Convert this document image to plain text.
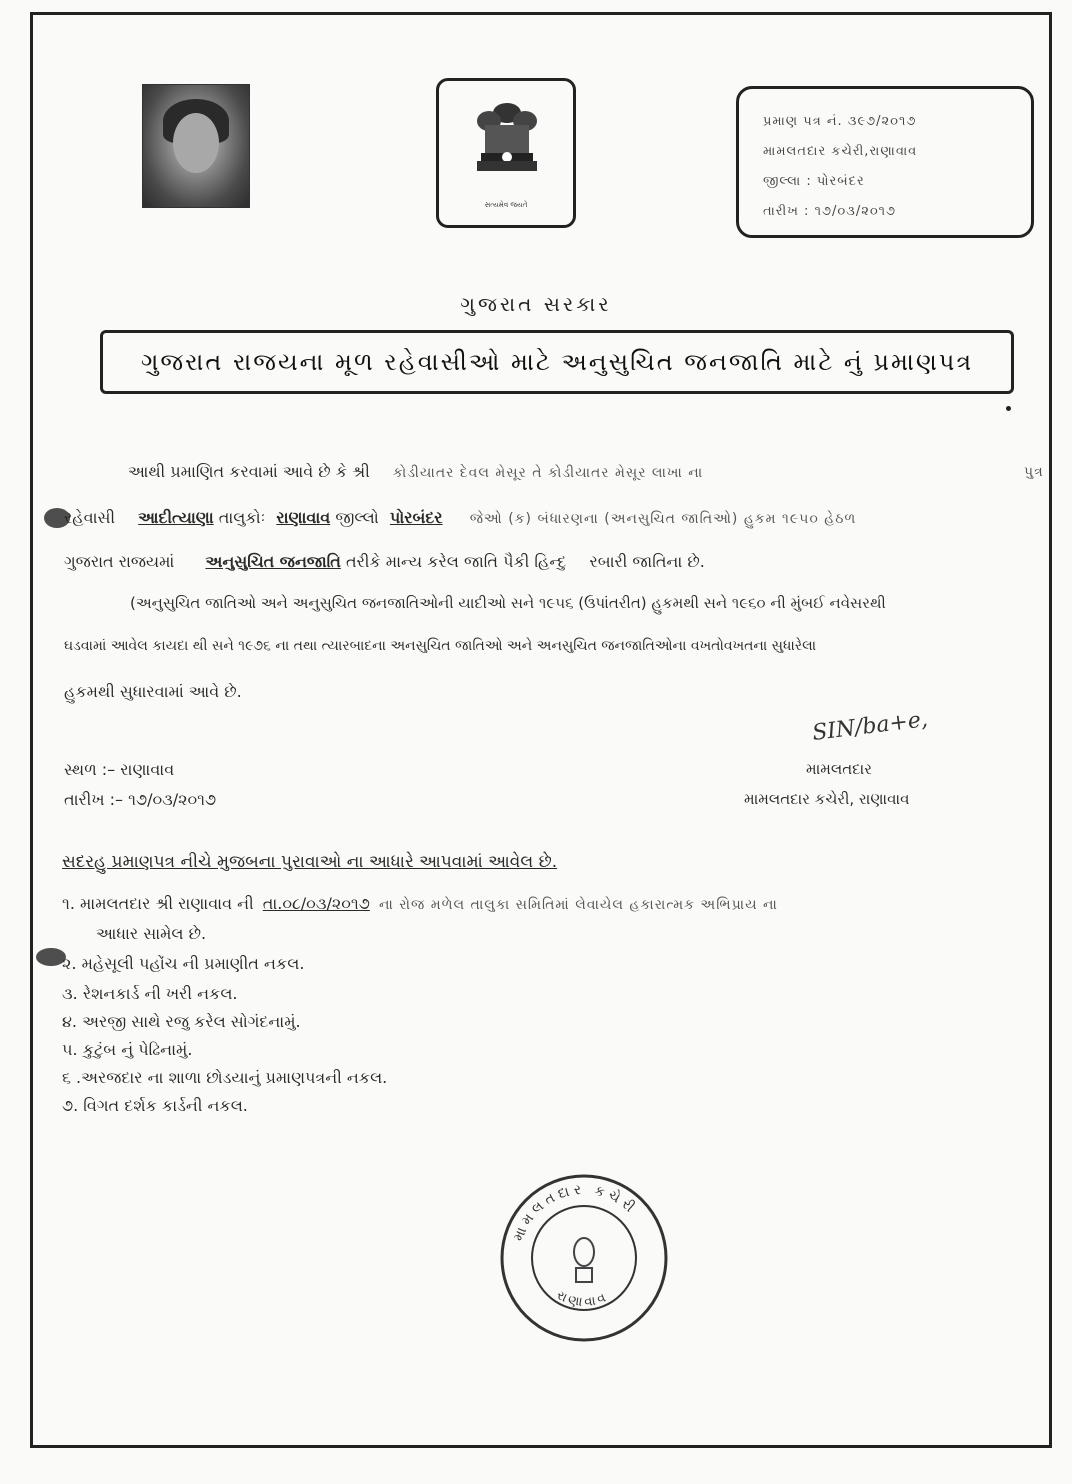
સત્યમેવ જયતે
પ્રમાણ પત્ર નં. ૩૯૭/૨૦૧૭
મામલતદાર કચેરી,રાણાવાવ
જીલ્લા : પોરબંદર
તારીખ : ૧૭/૦૩/૨૦૧૭
ગુજરાત સરકાર
ગુજરાત રાજયના મૂળ રહેવાસીઓ માટે અનુસુચિત જનજાતિ માટે નું પ્રમાણપત્ર
આથી પ્રમાણિત કરવામાં આવે છે કે શ્રી કોડીયાતર દેવલ મેસૂર તે કોડીયાતર મેસૂર લાખા ના	પુત્ર
રહેવાસી આદીત્યાણા તાલુકોઃ રાણાવાવ જીલ્લો પોરબંદર જેઓ (ક) બંધારણના (અનસુચિત જાતિઓ) હુકમ ૧૯૫૦ હેઠળ
ગુજરાત રાજયમાં અનુસુચિત જનજાતિ તરીકે માન્ય કરેલ જાતિ પૈકી હિન્દુ રબારી જાતિના છે.
(અનુસુચિત જાતિઓ અને અનુસુચિત જનજાતિઓની યાદીઓ સને ૧૯૫૬ (ઉપાંતરીત) હુકમથી સને ૧૯૬૦ ની મુંબઈ નવેસરથી
ઘડવામાં આવેલ કાયદા થી સને ૧૯૭૬ ના તથા ત્યારબાદના અનસુચિત જાતિઓ અને અનસુચિત જનજાતિઓના વખતોવખતના સુધારેલા
હુકમથી સુધારવામાં આવે છે.
સ્થળ :– રાણાવાવ
તારીખ :– ૧૭/૦૩/૨૦૧૭
SIN/ba+e,
મામલતદાર
મામલતદાર કચેરી, રાણાવાવ
સદરહુ પ્રમાણપત્ર નીચે મુજબના પુરાવાઓ ના આધારે આપવામાં આવેલ છે.
૧. મામલતદાર શ્રી રાણાવાવ ની તા.૦૮/૦૩/૨૦૧૭ ના રોજ મળેલ તાલુકા સમિતિમાં લેવાયેલ હકારાત્મક અભિપ્રાય ના
આધાર સામેલ છે.
૨. મહેસૂલી પહોંચ ની પ્રમાણીત નકલ.
૩. રેશનકાર્ડ ની ખરી નકલ.
૪. અરજી સાથે રજુ કરેલ સોગંદનામું.
૫. કુટુંબ નું પેઢિનામું.
૬ .અરજદાર ના શાળા છોડયાનું પ્રમાણપત્રની નકલ.
૭. વિગત દર્શક કાર્ડની નકલ.
મામલતદાર કચેરી
રાણાવાવ
